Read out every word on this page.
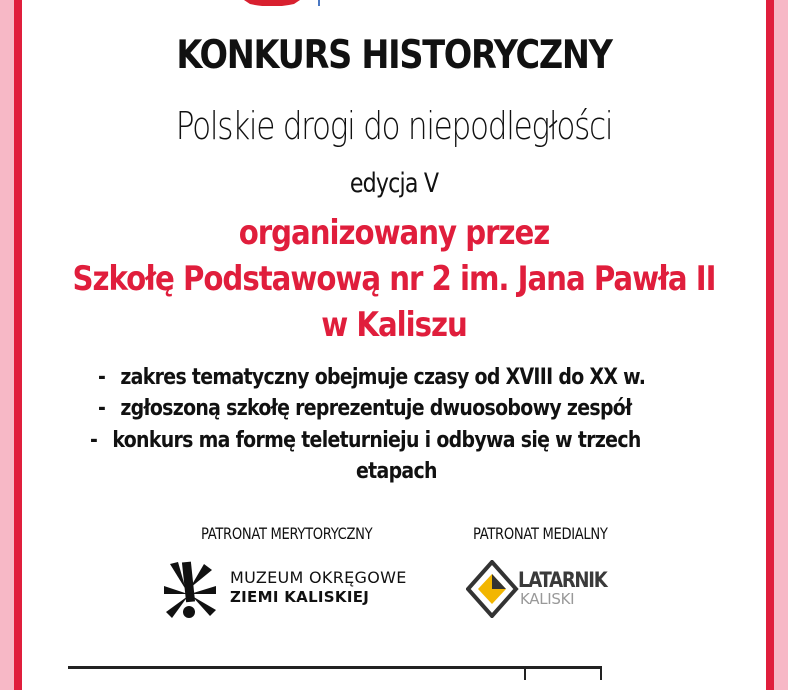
KONKURS HISTORYCZNY
Polskie drogi do niepodległości
edycja V
organizowany przez
Szkołę Podstawową nr 2 im. Jana Pawła II
w Kaliszu
- zakres tematyczny obejmuje czasy od XVIII do XX w.
- zgłoszoną szkołę reprezentuje dwuosobowy zespół
- konkurs ma formę teleturnieju i odbywa się w trzech
etapach
PATRONAT MERYTORYCZNY	PATRONAT MEDIALNY
MUZEUM OKRĘGOWE
ZIEMI KALISKIEJ
LATARNIK
KALISKI
